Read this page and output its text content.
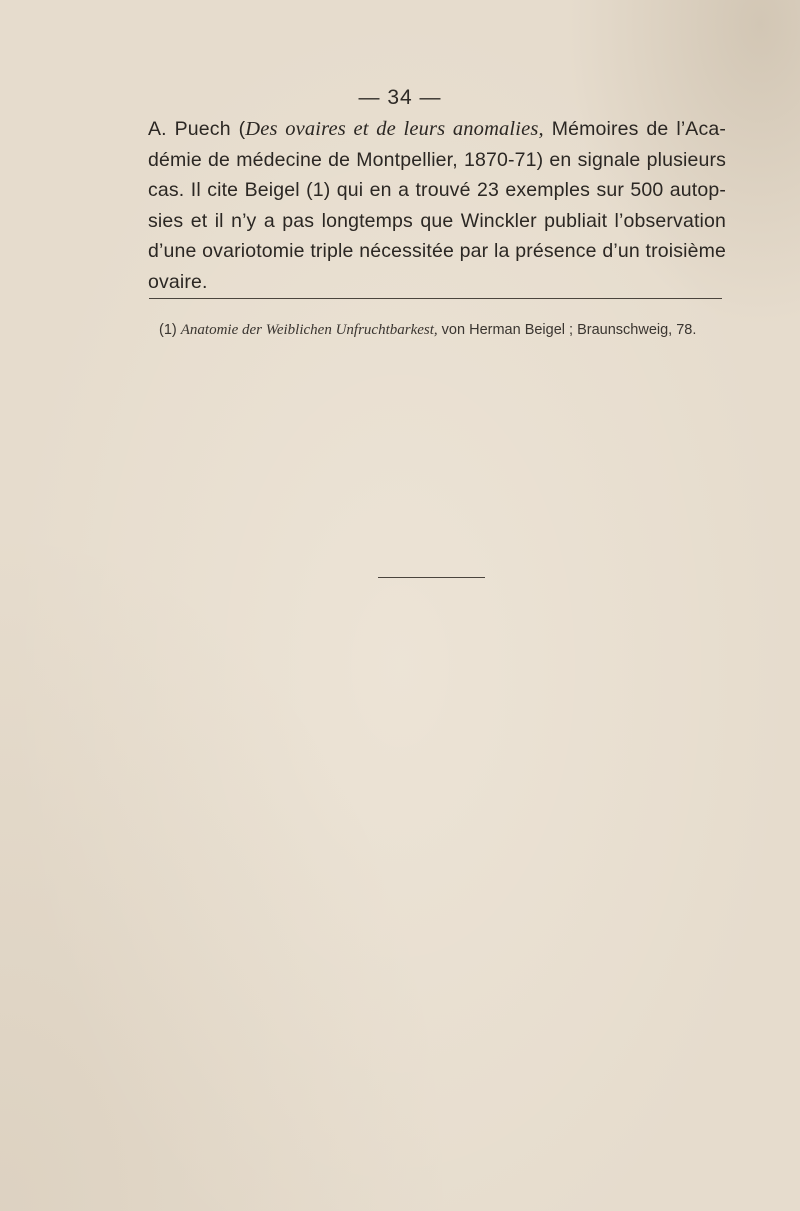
— 34 —
A. Puech (Des ovaires et de leurs anomalies, Mémoires de l’Aca-
démie de médecine de Montpellier, 1870-71) en signale plusieurs
cas. Il cite Beigel (1) qui en a trouvé 23 exemples sur 500 autop-
sies et il n’y a pas longtemps que Winckler publiait l’observation
d’une ovariotomie triple nécessitée par la présence d’un troisième
ovaire.
(1) Anatomie der Weiblichen Unfruchtbarkest, von Herman Beigel ; Braunschweig, 78.
